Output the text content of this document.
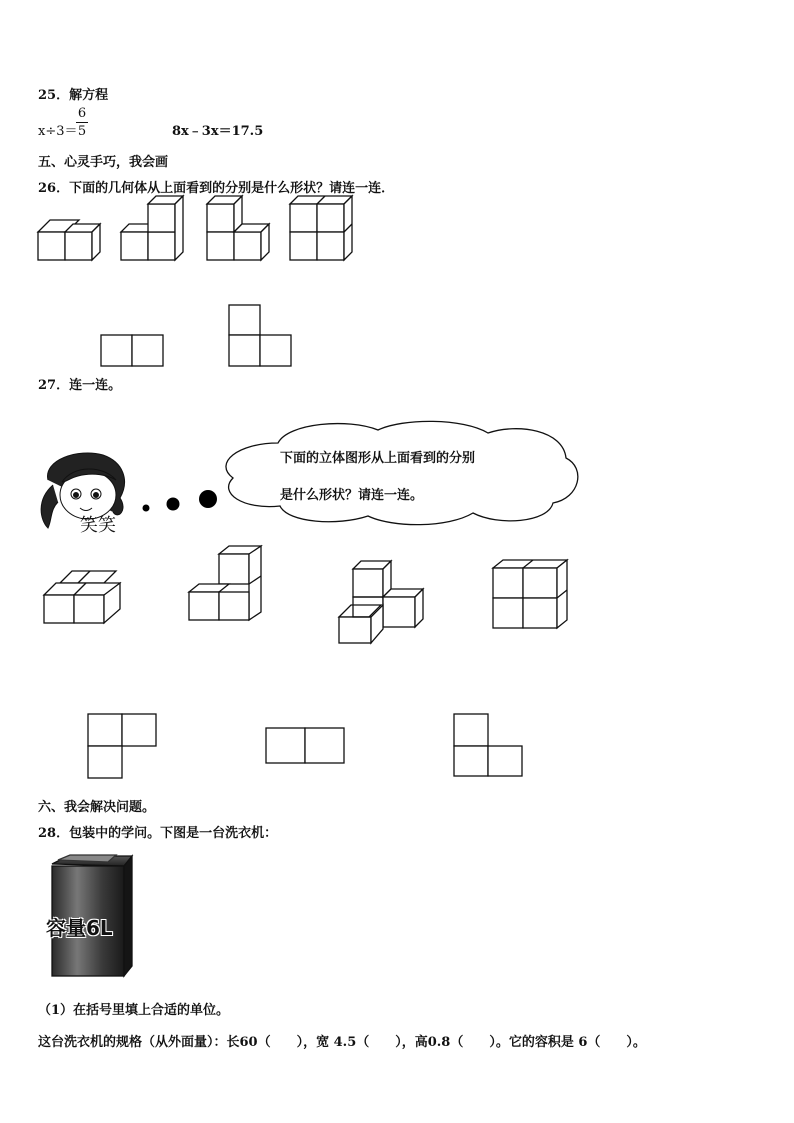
25．解方程
x÷3＝
6
5	8x﹣3x＝17.5
五、心灵手巧，我会画
26．下面的几何体从上面看到的分别是什么形状？请连一连．
27．连一连。
笑笑
下面的立体图形从上面看到的分别
是什么形状？请连一连。
六、我会解决问题。
28．包装中的学问。下图是一台洗衣机：
容量6L
（1）在括号里填上合适的单位。
这台洗衣机的规格（从外面量）：长60（　　），宽 4.5（　　），高0.8（　　）。它的容积是 6（　　）。
